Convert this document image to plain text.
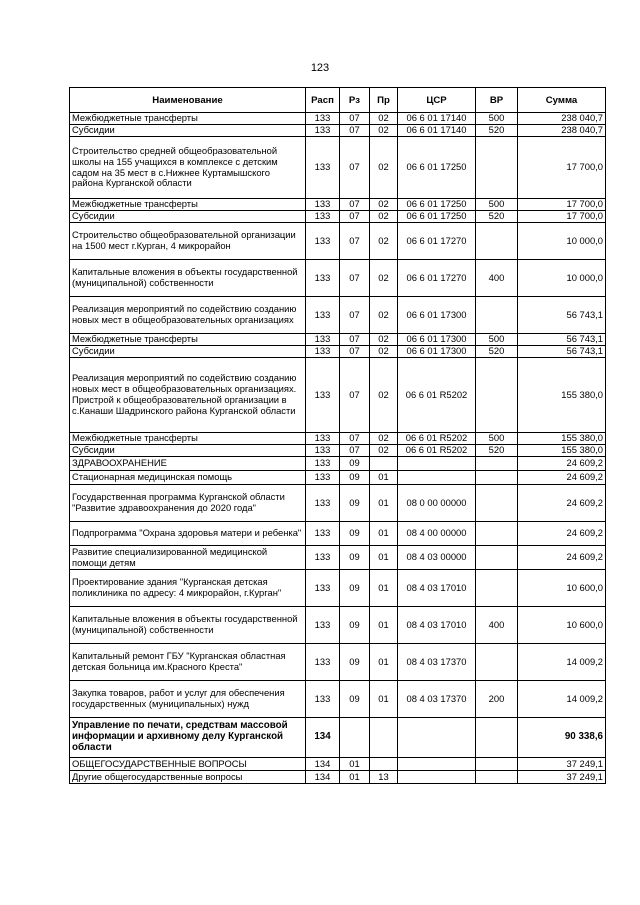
123
Наименование	Расп	Рз	Пр	ЦСР	ВР	Сумма
Межбюджетные трансферты	133	07	02	06 6 01 17140	500	238 040,7
Субсидии	133	07	02	06 6 01 17140	520	238 040,7
Строительство средней общеобразовательной школы на 155 учащихся в комплексе с детским садом на 35 мест в с.Нижнее Куртамышского района Курганской области	133	07	02	06 6 01 17250		17 700,0
Межбюджетные трансферты	133	07	02	06 6 01 17250	500	17 700,0
Субсидии	133	07	02	06 6 01 17250	520	17 700,0
Строительство общеобразовательной организации на 1500 мест г.Курган, 4 микрорайон	133	07	02	06 6 01 17270		10 000,0
Капитальные вложения в объекты государственной (муниципальной) собственности	133	07	02	06 6 01 17270	400	10 000,0
Реализация мероприятий по содействию созданию новых мест в общеобразовательных организациях	133	07	02	06 6 01 17300		56 743,1
Межбюджетные трансферты	133	07	02	06 6 01 17300	500	56 743,1
Субсидии	133	07	02	06 6 01 17300	520	56 743,1
Реализация мероприятий по содействию созданию новых мест в общеобразовательных организациях. Пристрой к общеобразовательной организации в с.Канаши Шадринского района Курганской области	133	07	02	06 6 01 R5202		155 380,0
Межбюджетные трансферты	133	07	02	06 6 01 R5202	500	155 380,0
Субсидии	133	07	02	06 6 01 R5202	520	155 380,0
ЗДРАВООХРАНЕНИЕ	133	09				24 609,2
Стационарная медицинская помощь	133	09	01			24 609,2
Государственная программа Курганской области "Развитие здравоохранения до 2020 года"	133	09	01	08 0 00 00000		24 609,2
Подпрограмма "Охрана здоровья матери и ребенка"	133	09	01	08 4 00 00000		24 609,2
Развитие специализированной медицинской помощи детям	133	09	01	08 4 03 00000		24 609,2
Проектирование здания "Курганская детская поликлиника по адресу: 4 микрорайон, г.Курган"	133	09	01	08 4 03 17010		10 600,0
Капитальные вложения в объекты государственной (муниципальной) собственности	133	09	01	08 4 03 17010	400	10 600,0
Капитальный ремонт ГБУ "Курганская областная детская больница им.Красного Креста"	133	09	01	08 4 03 17370		14 009,2
Закупка товаров, работ и услуг для обеспечения государственных (муниципальных) нужд	133	09	01	08 4 03 17370	200	14 009,2
Управление по печати, средствам массовой информации и архивному делу Курганской области	134					90 338,6
ОБЩЕГОСУДАРСТВЕННЫЕ ВОПРОСЫ	134	01				37 249,1
Другие общегосударственные вопросы	134	01	13			37 249,1
